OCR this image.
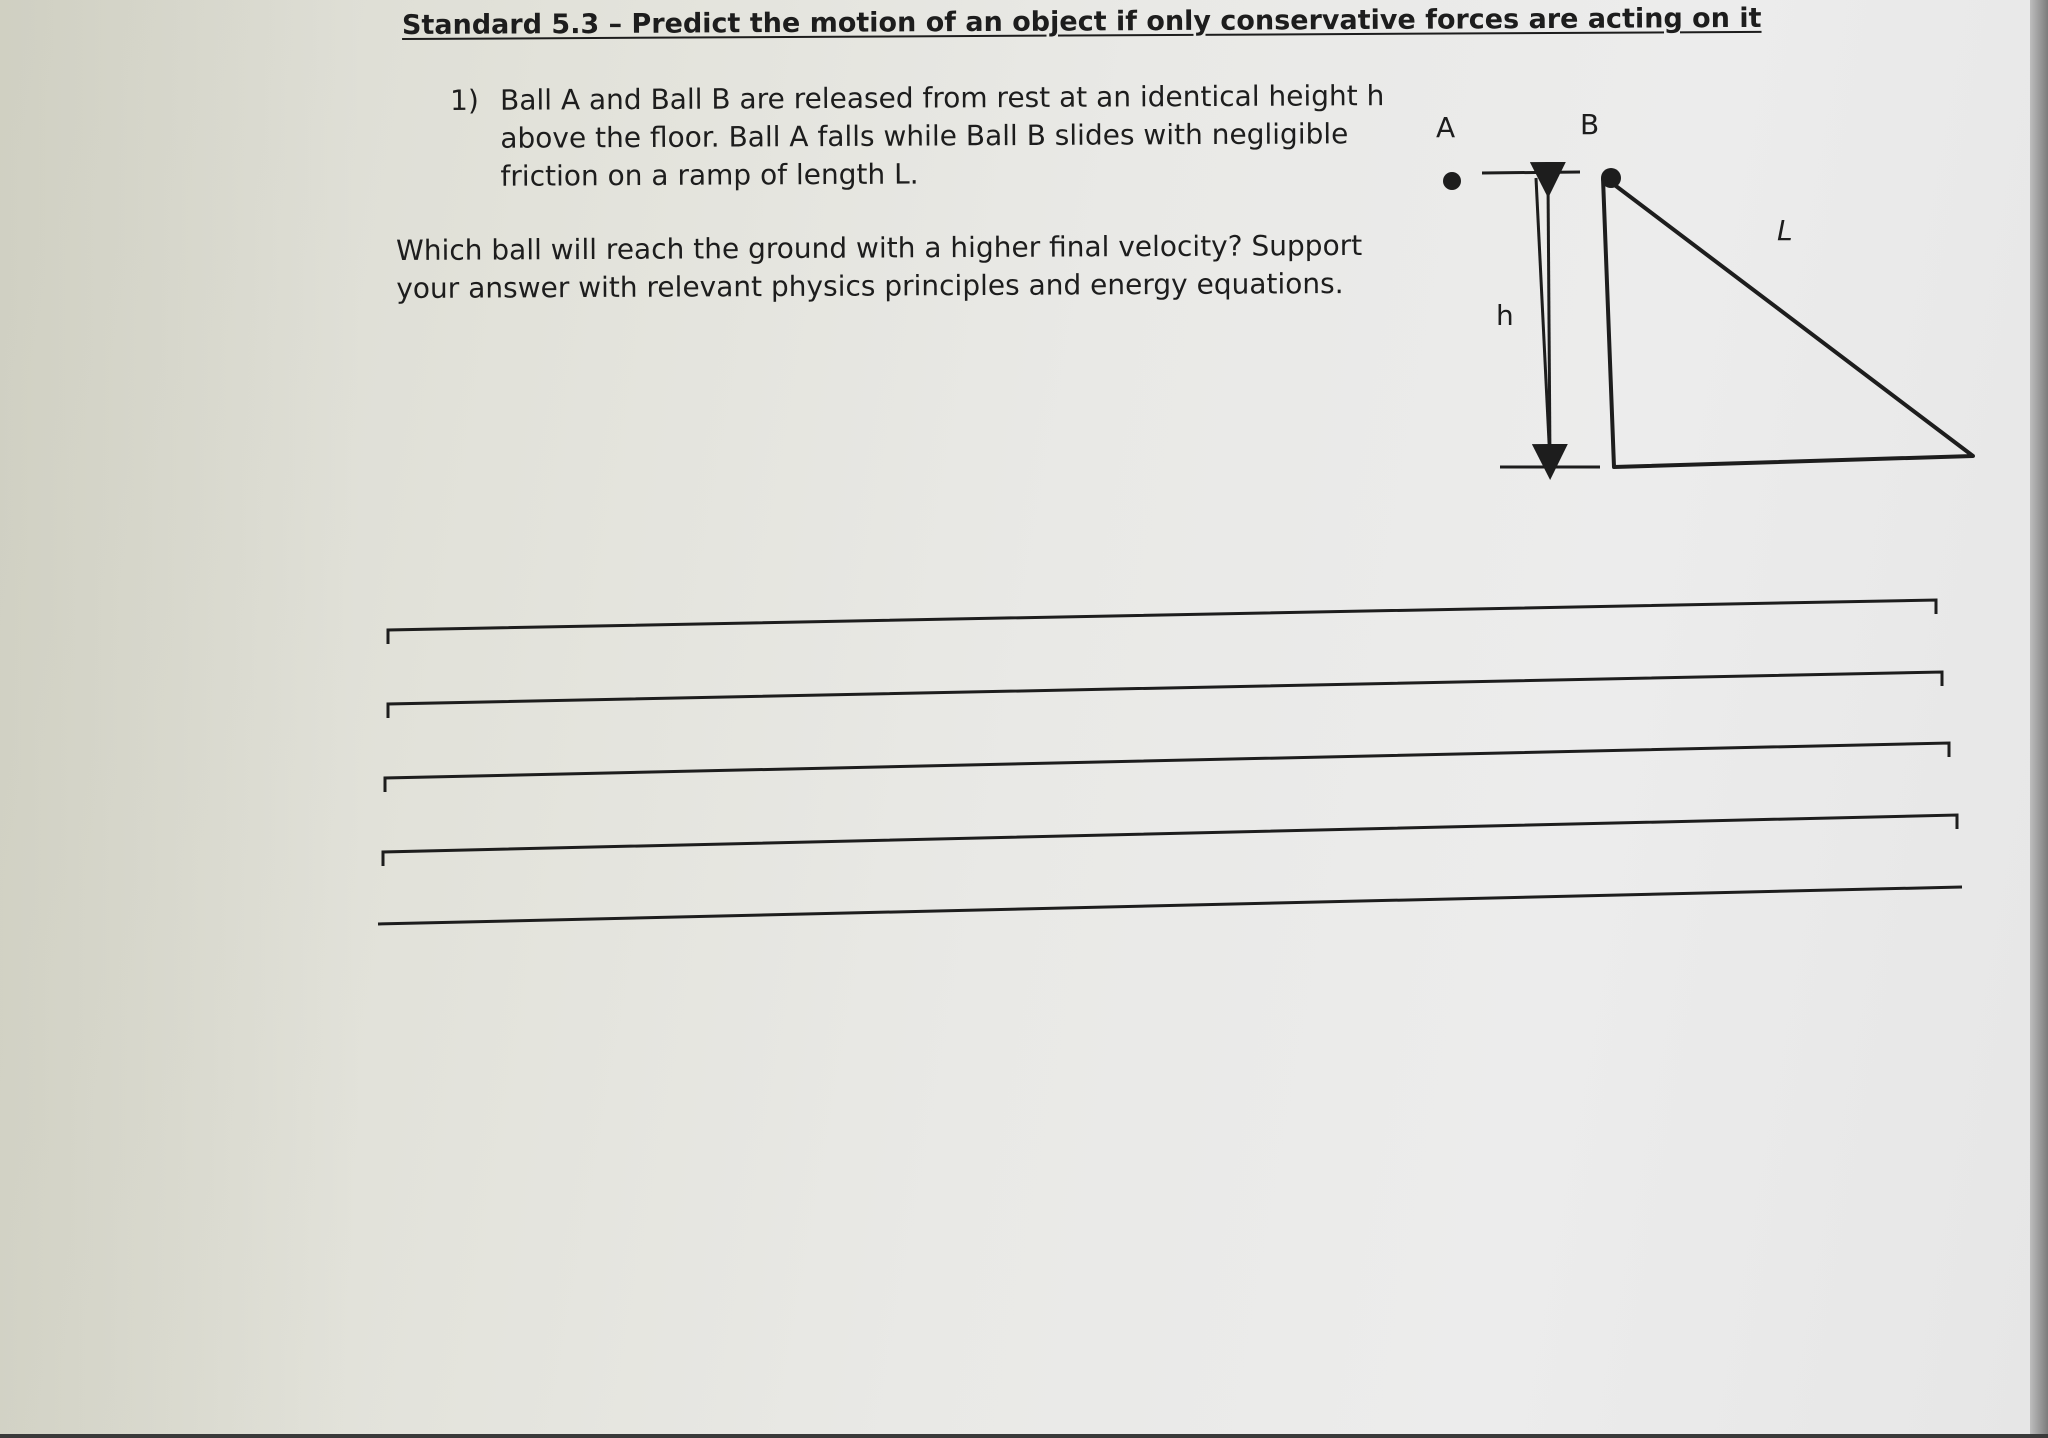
Standard 5.3 – Predict the motion of an object if only conservative forces are acting on it
1) Ball A and Ball B are released from rest at an identical height h
above the floor. Ball A falls while Ball B slides with negligible
friction on a ramp of length L.
Which ball will reach the ground with a higher final velocity? Support
your answer with relevant physics principles and energy equations.
A	B
h
L
